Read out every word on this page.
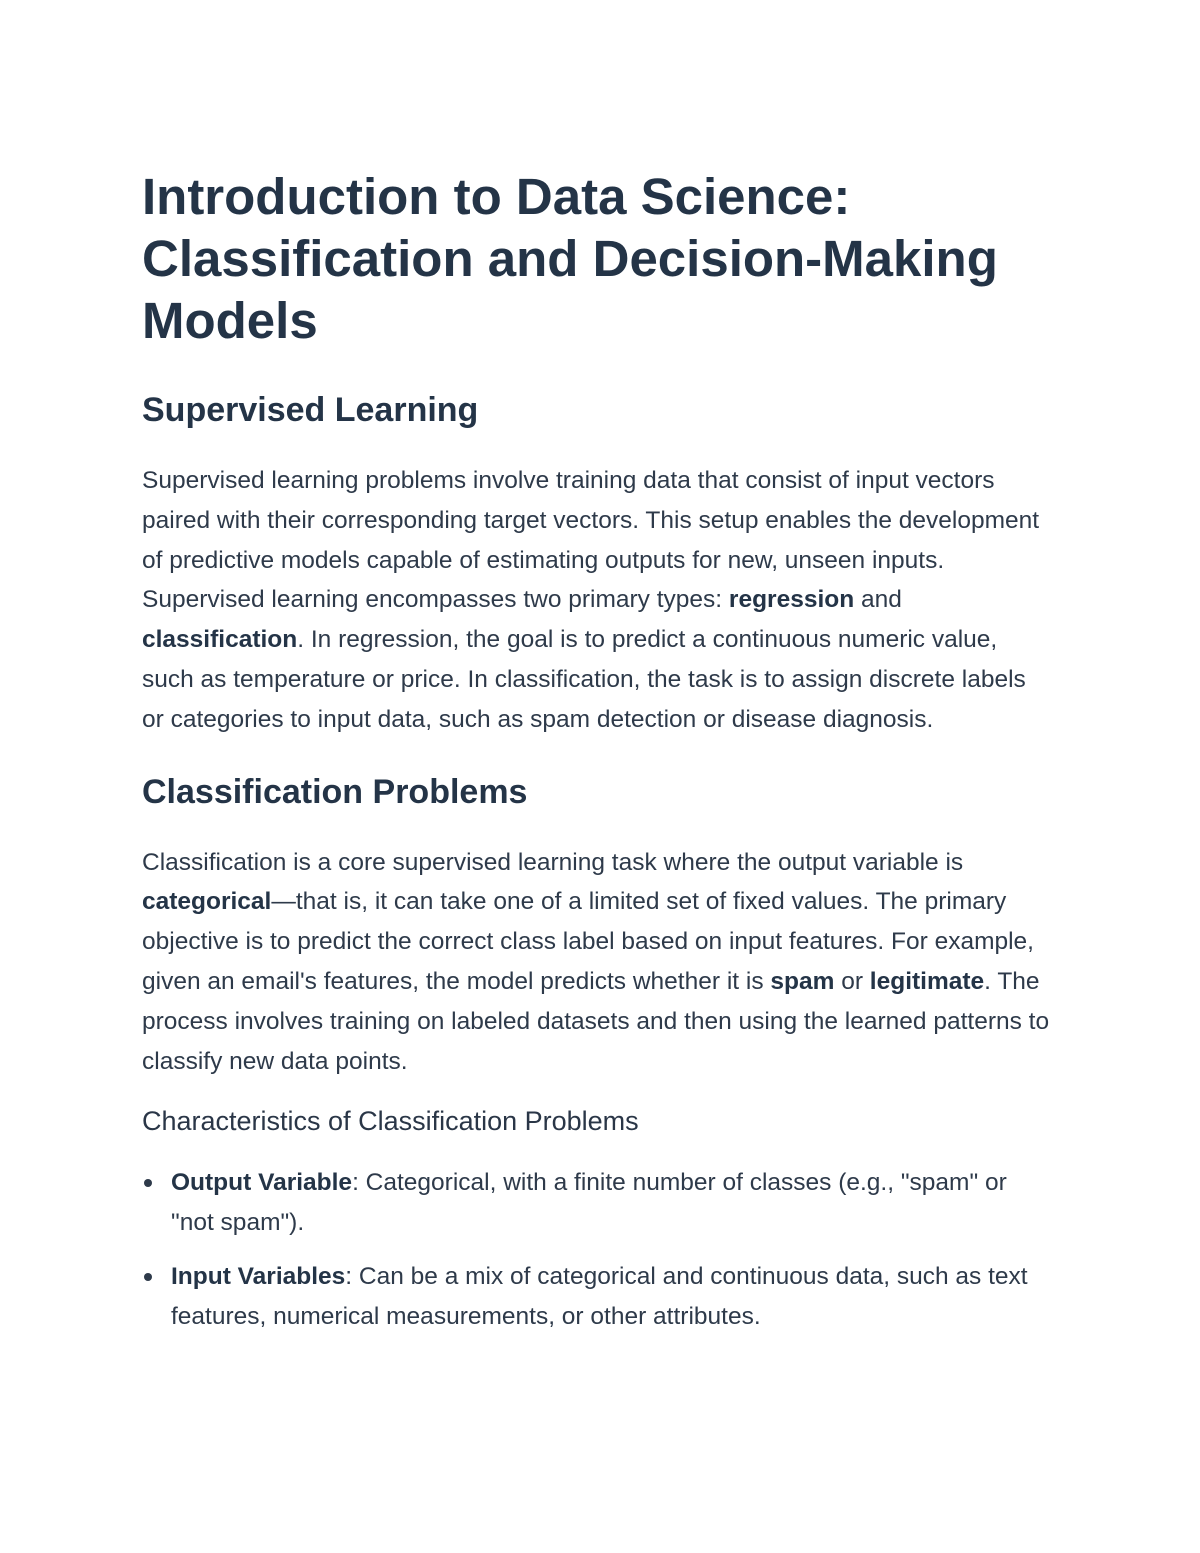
Introduction to Data Science:
Classification and Decision-Making
Models
Supervised Learning

Supervised learning problems involve training data that consist of input vectors paired with their corresponding target vectors. This setup enables the development of predictive models capable of estimating outputs for new, unseen inputs. Supervised learning encompasses two primary types: regression and classification. In regression, the goal is to predict a continuous numeric value, such as temperature or price. In classification, the task is to assign discrete labels or categories to input data, such as spam detection or disease diagnosis.

Classification Problems

Classification is a core supervised learning task where the output variable is categorical—that is, it can take one of a limited set of fixed values. The primary objective is to predict the correct class label based on input features. For example, given an email's features, the model predicts whether it is spam or legitimate. The process involves training on labeled datasets and then using the learned patterns to classify new data points.

Characteristics of Classification Problems
Output Variable: Categorical, with a finite number of classes (e.g., "spam" or "not spam").
Input Variables: Can be a mix of categorical and continuous data, such as text features, numerical measurements, or other attributes.
